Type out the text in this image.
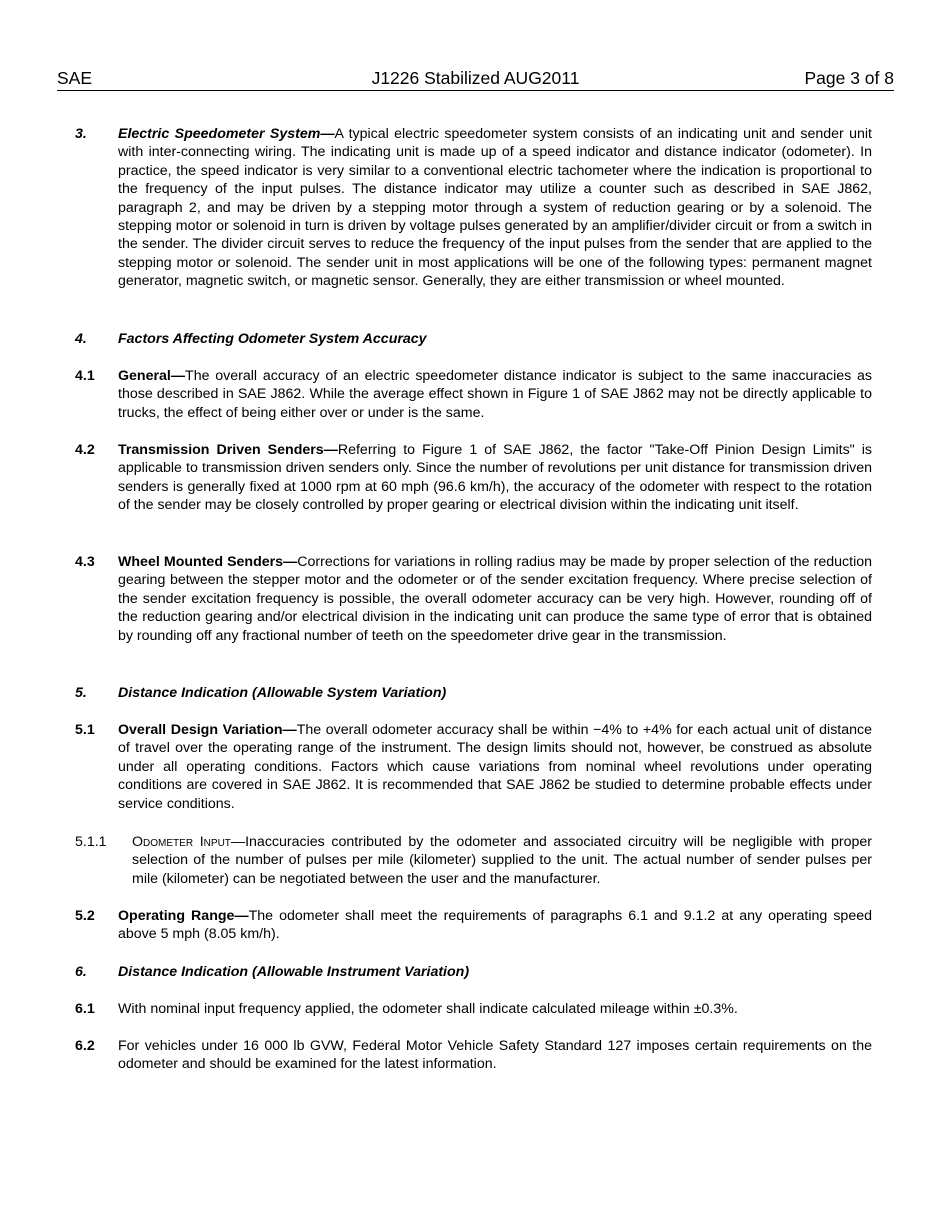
SAE	J1226 Stabilized AUG2011	Page 3 of 8
3. Electric Speedometer System—A typical electric speedometer system consists of an indicating unit and sender unit with inter-connecting wiring. The indicating unit is made up of a speed indicator and distance indicator (odometer). In practice, the speed indicator is very similar to a conventional electric tachometer where the indication is proportional to the frequency of the input pulses. The distance indicator may utilize a counter such as described in SAE J862, paragraph 2, and may be driven by a stepping motor through a system of reduction gearing or by a solenoid. The stepping motor or solenoid in turn is driven by voltage pulses generated by an amplifier/divider circuit or from a switch in the sender. The divider circuit serves to reduce the frequency of the input pulses from the sender that are applied to the stepping motor or solenoid. The sender unit in most applications will be one of the following types: permanent magnet generator, magnetic switch, or magnetic sensor. Generally, they are either transmission or wheel mounted.
4. Factors Affecting Odometer System Accuracy
4.1 General—The overall accuracy of an electric speedometer distance indicator is subject to the same inaccuracies as those described in SAE J862. While the average effect shown in Figure 1 of SAE J862 may not be directly applicable to trucks, the effect of being either over or under is the same.
4.2 Transmission Driven Senders—Referring to Figure 1 of SAE J862, the factor "Take-Off Pinion Design Limits" is applicable to transmission driven senders only. Since the number of revolutions per unit distance for transmission driven senders is generally fixed at 1000 rpm at 60 mph (96.6 km/h), the accuracy of the odometer with respect to the rotation of the sender may be closely controlled by proper gearing or electrical division within the indicating unit itself.
4.3 Wheel Mounted Senders—Corrections for variations in rolling radius may be made by proper selection of the reduction gearing between the stepper motor and the odometer or of the sender excitation frequency. Where precise selection of the sender excitation frequency is possible, the overall odometer accuracy can be very high. However, rounding off of the reduction gearing and/or electrical division in the indicating unit can produce the same type of error that is obtained by rounding off any fractional number of teeth on the speedometer drive gear in the transmission.
5. Distance Indication (Allowable System Variation)
5.1 Overall Design Variation—The overall odometer accuracy shall be within −4% to +4% for each actual unit of distance of travel over the operating range of the instrument. The design limits should not, however, be construed as absolute under all operating conditions. Factors which cause variations from nominal wheel revolutions under operating conditions are covered in SAE J862. It is recommended that SAE J862 be studied to determine probable effects under service conditions.
5.1.1 Odometer Input—Inaccuracies contributed by the odometer and associated circuitry will be negligible with proper selection of the number of pulses per mile (kilometer) supplied to the unit. The actual number of sender pulses per mile (kilometer) can be negotiated between the user and the manufacturer.
5.2 Operating Range—The odometer shall meet the requirements of paragraphs 6.1 and 9.1.2 at any operating speed above 5 mph (8.05 km/h).
6. Distance Indication (Allowable Instrument Variation)
6.1 With nominal input frequency applied, the odometer shall indicate calculated mileage within ±0.3%.
6.2 For vehicles under 16 000 lb GVW, Federal Motor Vehicle Safety Standard 127 imposes certain requirements on the odometer and should be examined for the latest information.
